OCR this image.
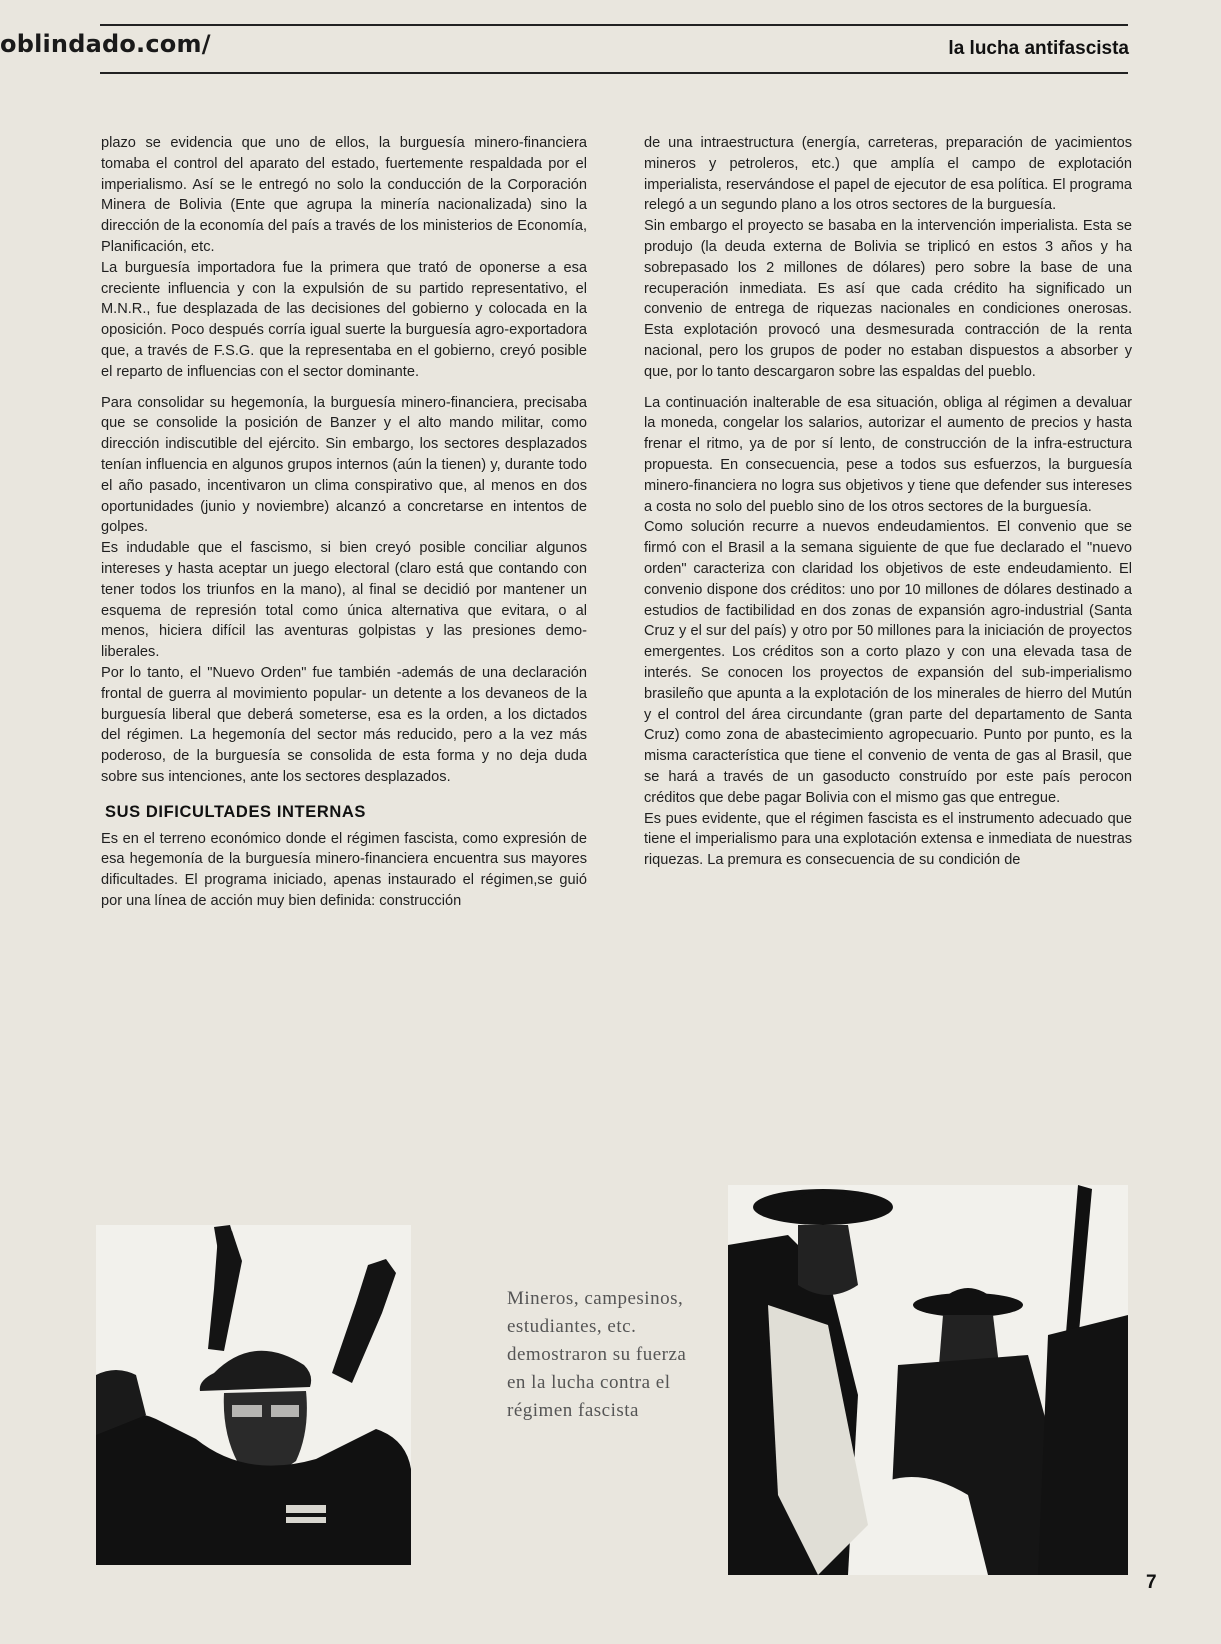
oblindado.com/	la lucha antifascista

plazo se evidencia que uno de ellos, la burguesía minero-financiera tomaba el control del aparato del estado, fuertemente respaldada por el imperialismo. Así se le entregó no solo la conducción de la Corporación Minera de Bolivia (Ente que agrupa la minería nacionalizada) sino la dirección de la economía del país a través de los ministerios de Economía, Planificación, etc.

La burguesía importadora fue la primera que trató de oponerse a esa creciente influencia y con la expulsión de su partido representativo, el M.N.R., fue desplazada de las decisiones del gobierno y colocada en la oposición. Poco después corría igual suerte la burguesía agro-exportadora que, a través de F.S.G. que la representaba en el gobierno, creyó posible el reparto de influencias con el sector dominante.

Para consolidar su hegemonía, la burguesía minero-financiera, precisaba que se consolide la posición de Banzer y el alto mando militar, como dirección indiscutible del ejército. Sin embargo, los sectores desplazados tenían influencia en algunos grupos internos (aún la tienen) y, durante todo el año pasado, incentivaron un clima conspirativo que, al menos en dos oportunidades (junio y noviembre) alcanzó a concretarse en intentos de golpes.

Es indudable que el fascismo, si bien creyó posible conciliar algunos intereses y hasta aceptar un juego electoral (claro está que contando con tener todos los triunfos en la mano), al final se decidió por mantener un esquema de represión total como única alternativa que evitara, o al menos, hiciera difícil las aventuras golpistas y las presiones demo-liberales.

Por lo tanto, el "Nuevo Orden" fue también -además de una declaración frontal de guerra al movimiento popular- un detente a los devaneos de la burguesía liberal que deberá someterse, esa es la orden, a los dictados del régimen. La hegemonía del sector más reducido, pero a la vez más poderoso, de la burguesía se consolida de esta forma y no deja duda sobre sus intenciones, ante los sectores desplazados.

SUS DIFICULTADES INTERNAS

Es en el terreno económico donde el régimen fascista, como expresión de esa hegemonía de la burguesía minero-financiera encuentra sus mayores dificultades. El programa iniciado, apenas instaurado el régimen,se guió por una línea de acción muy bien definida: construcción

de una intraestructura (energía, carreteras, preparación de yacimientos mineros y petroleros, etc.) que amplía el campo de explotación imperialista, reservándose el papel de ejecutor de esa política. El programa relegó a un segundo plano a los otros sectores de la burguesía.

Sin embargo el proyecto se basaba en la intervención imperialista. Esta se produjo (la deuda externa de Bolivia se triplicó en estos 3 años y ha sobrepasado los 2 millones de dólares) pero sobre la base de una recuperación inmediata. Es así que cada crédito ha significado un convenio de entrega de riquezas nacionales en condiciones onerosas. Esta explotación provocó una desmesurada contracción de la renta nacional, pero los grupos de poder no estaban dispuestos a absorber y que, por lo tanto descargaron sobre las espaldas del pueblo.

La continuación inalterable de esa situación, obliga al régimen a devaluar la moneda, congelar los salarios, autorizar el aumento de precios y hasta frenar el ritmo, ya de por sí lento, de construcción de la infra-estructura propuesta. En consecuencia, pese a todos sus esfuerzos, la burguesía minero-financiera no logra sus objetivos y tiene que defender sus intereses a costa no solo del pueblo sino de los otros sectores de la burguesía.

Como solución recurre a nuevos endeudamientos. El convenio que se firmó con el Brasil a la semana siguiente de que fue declarado el "nuevo orden" caracteriza con claridad los objetivos de este endeudamiento. El convenio dispone dos créditos: uno por 10 millones de dólares destinado a estudios de factibilidad en dos zonas de expansión agro-industrial (Santa Cruz y el sur del país) y otro por 50 millones para la iniciación de proyectos emergentes. Los créditos son a corto plazo y con una elevada tasa de interés. Se conocen los proyectos de expansión del sub-imperialismo brasileño que apunta a la explotación de los minerales de hierro del Mutún y el control del área circundante (gran parte del departamento de Santa Cruz) como zona de abastecimiento agropecuario. Punto por punto, es la misma característica que tiene el convenio de venta de gas al Brasil, que se hará a través de un gasoducto construído por este país perocon créditos que debe pagar Bolivia con el mismo gas que entregue.

Es pues evidente, que el régimen fascista es el instrumento adecuado que tiene el imperialismo para una explotación extensa e inmediata de nuestras riquezas. La premura es consecuencia de su condición de

Mineros, campesinos,
estudiantes, etc.
demostraron su fuerza
en la lucha contra el
régimen fascista
7
